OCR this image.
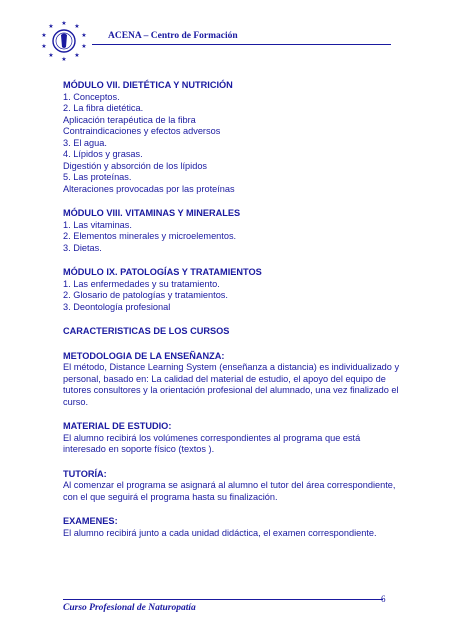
★ ★
★
★
★
★
★
★
★
★
ACENA – Centro de Formación

MÓDULO VII. DIETÉTICA Y NUTRICIÓN

1. Conceptos.

2. La fibra dietética.

Aplicación terapéutica de la fibra

Contraindicaciones y efectos adversos

3. El agua.

4. Lípidos y grasas.

Digestión y absorción de los lípidos

5. Las proteínas.

Alteraciones provocadas por las proteínas

MÓDULO VIII. VITAMINAS Y MINERALES

1. Las vitaminas.

2. Elementos minerales y microelementos.

3. Dietas.

MÓDULO IX. PATOLOGÍAS Y TRATAMIENTOS

1. Las enfermedades y su tratamiento.

2. Glosario de patologías y tratamientos.

3. Deontología profesional

CARACTERISTICAS DE LOS CURSOS

METODOLOGIA DE LA ENSEÑANZA:

El método, Distance Learning System (enseñanza a distancia) es individualizado y personal, basado en: La calidad del material de estudio, el apoyo del equipo de tutores consultores y la orientación profesional del alumnado, una vez finalizado el curso.

MATERIAL DE ESTUDIO:

El alumno recibirá los volúmenes correspondientes al programa que está interesado en soporte físico (textos ).

TUTORÍA:

Al comenzar el programa se asignará al alumno el tutor del área correspondiente, con el que seguirá el programa hasta su finalización.

EXAMENES:

El alumno recibirá junto a cada unidad didáctica, el examen correspondiente.

Curso Profesional de Naturopatía
6
